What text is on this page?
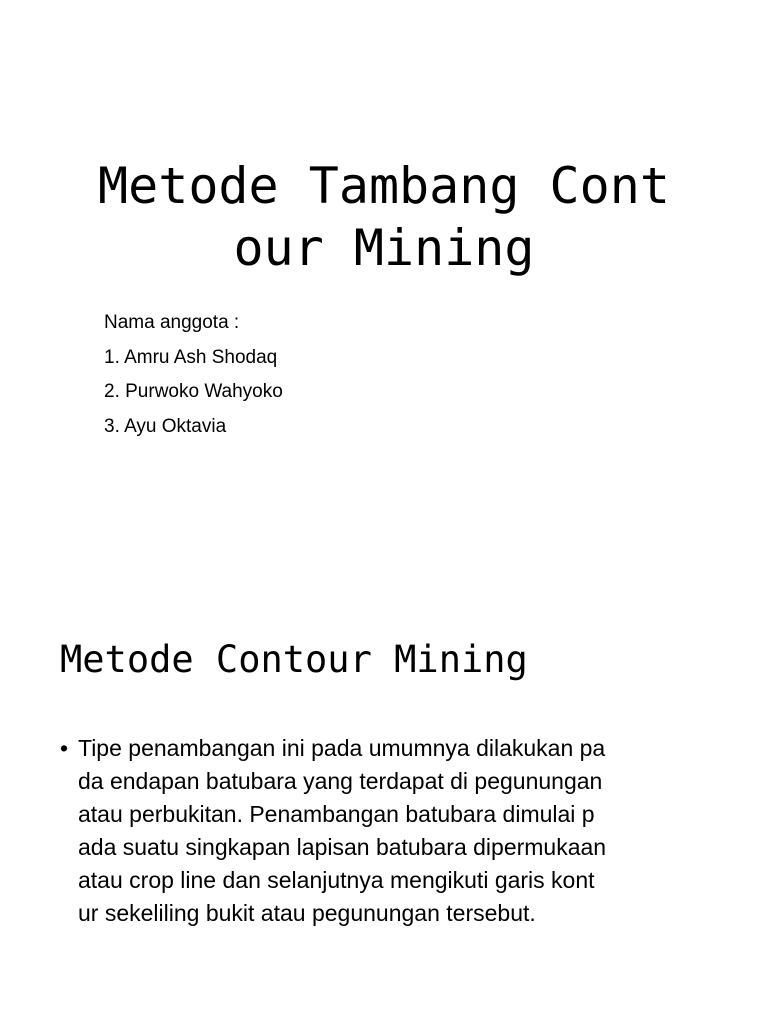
Metode Tambang Cont
our Mining
Nama anggota :
1. Amru Ash Shodaq
2. Purwoko Wahyoko
3. Ayu Oktavia
Metode Contour Mining
• Tipe penambangan ini pada umumnya dilakukan pa
da endapan batubara yang terdapat di pegunungan
atau perbukitan. Penambangan batubara dimulai p
ada suatu singkapan lapisan batubara dipermukaan
atau crop line dan selanjutnya mengikuti garis kont
ur sekeliling bukit atau pegunungan tersebut.
